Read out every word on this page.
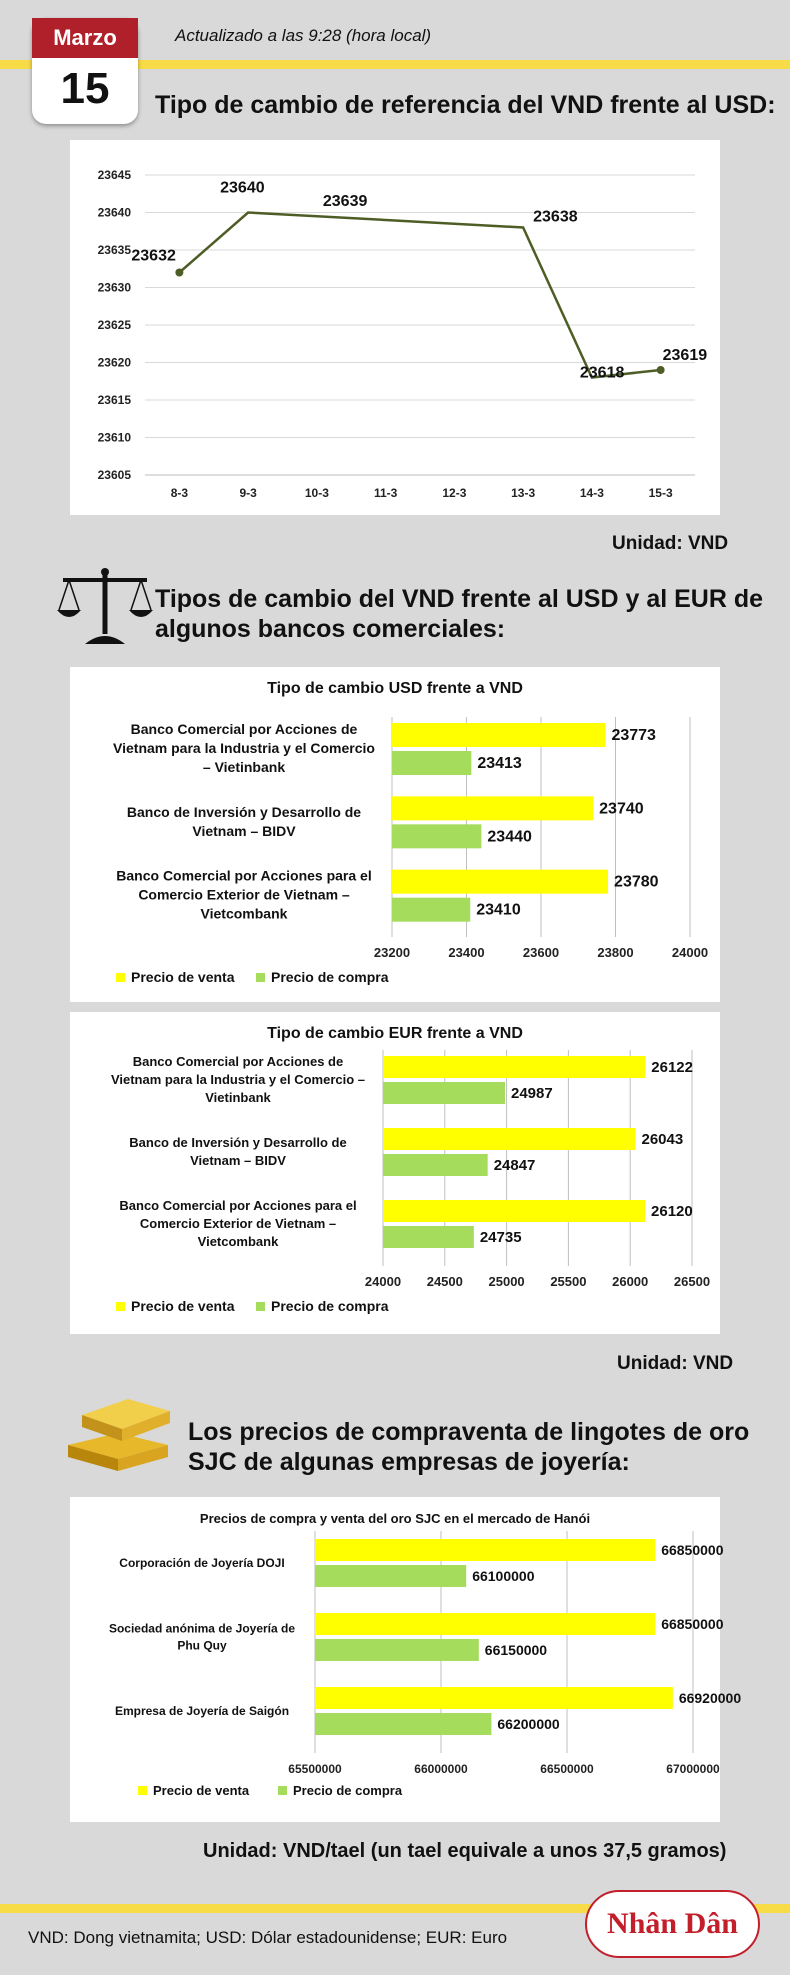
Marzo
15
Actualizado a las 9:28 (hora local)
Tipo de cambio de referencia del VND frente al USD:
23645
23640
23635
23630
23625
23620
23615
23610
23605
8-3	9-3	10-3	11-3	12-3	13-3	14-3	15-3
23632
23640
23639
23638
23618
23619
Unidad: VND
Tipos de cambio del VND frente al USD y al EUR de
algunos bancos comerciales:
Tipo de cambio USD frente a VND
23200	23400	23600	23800	24000
Banco Comercial por Acciones de
Vietnam para la Industria y el Comercio
– Vietinbank
23773
23413
Banco de Inversión y Desarrollo de
Vietnam – BIDV
23740
23440
Banco Comercial por Acciones para el
Comercio Exterior de Vietnam –
Vietcombank
23780
23410
Precio de venta	Precio de compra
Tipo de cambio EUR frente a VND
24000 24500 25000 25500 26000 26500
Banco Comercial por Acciones de
Vietnam para la Industria y el Comercio –
Vietinbank
26122
24987
Banco de Inversión y Desarrollo de
Vietnam – BIDV
26043
24847
Banco Comercial por Acciones para el
Comercio Exterior de Vietnam –
Vietcombank
26120
24735
Precio de venta	Precio de compra
Unidad: VND
Los precios de compraventa de lingotes de oro
SJC de algunas empresas de joyería:
Precios de compra y venta del oro SJC en el mercado de Hanói
65500000	66000000	66500000	67000000
Corporación de Joyería DOJI
66850000
66100000
Sociedad anónima de Joyería de
Phu Quy
66850000
66150000
Empresa de Joyería de Saigón
66920000
66200000
Precio de venta	Precio de compra
Unidad: VND/tael (un tael equivale a unos 37,5 gramos)
Nhân Dân
VND: Dong vietnamita; USD: Dólar estadounidense; EUR: Euro
